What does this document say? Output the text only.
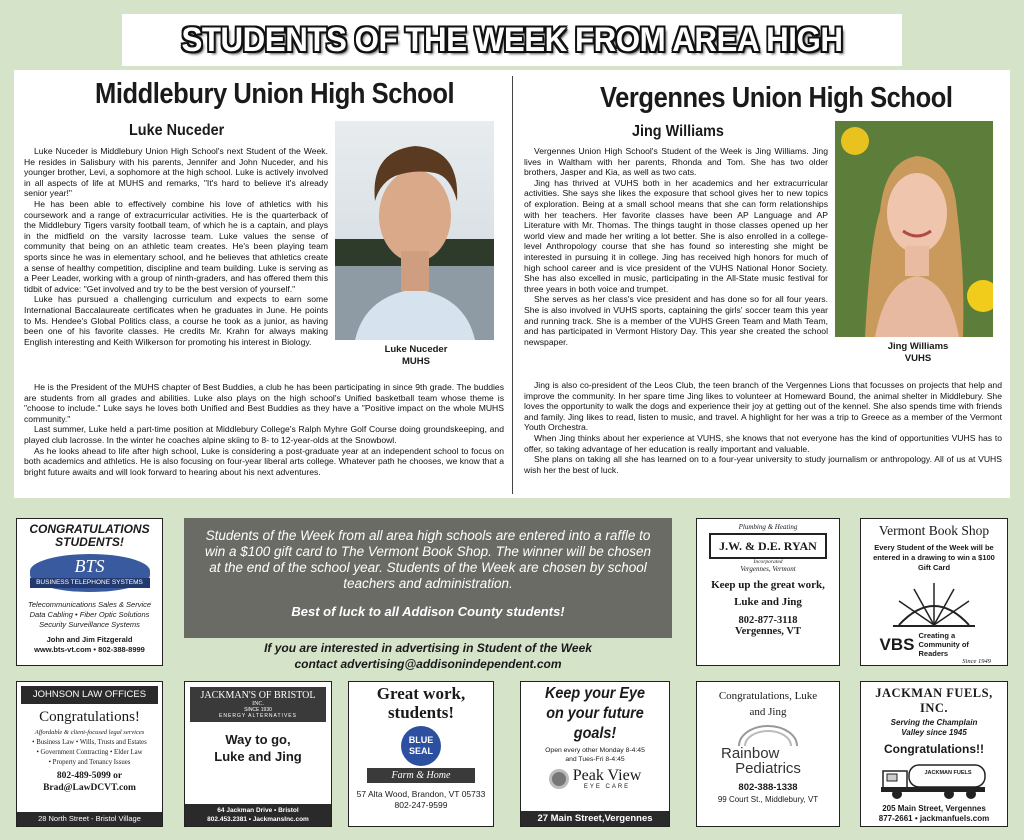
STUDENTS OF THE WEEK FROM AREA HIGH
Middlebury Union High School
Luke Nuceder

Luke Nuceder is Middlebury Union High School's next Student of the Week. He resides in Salisbury with his parents, Jennifer and John Nuceder, and his younger brother, Levi, a sophomore at the high school. Luke is actively involved in all aspects of life at MUHS and remarks, "It's hard to believe it's already senior year!"

He has been able to effectively combine his love of athletics with his coursework and a range of extracurricular activities. He is the quarterback of the Middlebury Tigers varsity football team, of which he is a captain, and plays in the midfield on the varsity lacrosse team. Luke values the sense of community that being on an athletic team creates. He's been playing team sports since he was in elementary school, and he believes that athletics create a sense of healthy competition, discipline and team building. Luke is serving as a Peer Leader, working with a group of ninth-graders, and has offered them this tidbit of advice: "Get involved and try to be the best version of yourself."

Luke has pursued a challenging curriculum and expects to earn some International Baccalaureate certificates when he graduates in June. He points to Ms. Hendee's Global Politics class, a course he took as a junior, as having been one of his favorite classes. He credits Mr. Krahn for always making English interesting and Keith Wilkerson for promoting his interest in Biology.

He is the President of the MUHS chapter of Best Buddies, a club he has been participating in since 9th grade. The buddies are students from all grades and abilities. Luke also plays on the high school's Unified basketball team whose theme is "choose to include." Luke says he loves both Unified and Best Buddies as they have a "Positive impact on the whole MUHS community."

Last summer, Luke held a part-time position at Middlebury College's Ralph Myhre Golf Course doing groundskeeping, and played club lacrosse. In the winter he coaches alpine skiing to 8- to 12-year-olds at the Snowbowl.

As he looks ahead to life after high school, Luke is considering a post-graduate year at an independent school to focus on both academics and athletics. He is also focusing on four-year liberal arts college. Whatever path he chooses, we know that a bright future awaits and will look forward to hearing about his next adventures.

Luke Nuceder
MUHS
Vergennes Union High School
Jing Williams

Vergennes Union High School's Student of the Week is Jing Williams. Jing lives in Waltham with her parents, Rhonda and Tom. She has two older brothers, Jasper and Kia, as well as two cats.

Jing has thrived at VUHS both in her academics and her extracurricular activities. She says she likes the exposure that school gives her to new topics of exploration. Being at a small school means that she can form relationships with her teachers. Her favorite classes have been AP Language and AP Literature with Mr. Thomas. The things taught in those classes opened up her world view and made her writing a lot better. She is also enrolled in a college-level Anthropology course that she has found so interesting she might be interested in pursuing it in college. Jing has received high honors for much of high school career and is vice president of the VUHS National Honor Society. She has also excelled in music, participating in the All-State music festival for three years in both voice and trumpet.

She serves as her class's vice president and has done so for all four years. She is also involved in VUHS sports, captaining the girls' soccer team this year and running track. She is a member of the VUHS Green Team and Math Team, and has participated in Vermont History Day. This year she created the school newspaper.

Jing is also co-president of the Leos Club, the teen branch of the Vergennes Lions that focusses on projects that help and improve the community. In her spare time Jing likes to volunteer at Homeward Bound, the animal shelter in Middlebury. She loves the opportunity to walk the dogs and experience their joy at getting out of the kennel. She also spends time with friends and family. Jing likes to read, listen to music, and travel. A highlight for her was a trip to Greece as a member of the Vermont Youth Orchestra.

When Jing thinks about her experience at VUHS, she knows that not everyone has the kind of opportunities VUHS has to offer, so taking advantage of her education is really important and valuable.

She plans on taking all she has learned on to a four-year university to study journalism or anthropology. All of us at VUHS wish her the best of luck.

Jing Williams
VUHS
Students of the Week from all area high schools are entered into a raffle to win a $100 gift card to The Vermont Book Shop. The winner will be chosen at the end of the school year. Students of the Week are chosen by school teachers and administration.
Best of luck to all Addison County students!
If you are interested in advertising in Student of the Week
contact advertising@addisonindependent.com
CONGRATULATIONS STUDENTS!
BTS
BUSINESS TELEPHONE SYSTEMS
Telecommunications Sales & Service
Data Cabling • Fiber Optic Solutions
Security Surveillance Systems
John and Jim Fitzgerald
www.bts-vt.com • 802-388-8999
Plumbing & Heating
J.W. & D.E. RYAN
Incorporated
Vergennes, Vermont
Keep up the great work, Luke and Jing
802-877-3118
Vergennes, VT
Vermont Book Shop
Every Student of the Week will be entered in a drawing to win a $100 Gift Card
VBS Creating a Community of Readers
Since 1949
JOHNSON LAW OFFICES
Congratulations!
Affordable & client-focused legal services
• Business Law • Wills, Trusts and Estates
• Government Contracting • Elder Law
• Property and Tenancy Issues
802-489-5099 or
Brad@LawDCVT.com
28 North Street - Bristol Village
JACKMAN'S OF BRISTOL
INC.
SINCE 1930
ENERGY ALTERNATIVES
Way to go, Luke and Jing
64 Jackman Drive • Bristol
802.453.2381 • JackmansInc.com
Great work, students!
BLUE SEAL
Farm & Home
57 Alta Wood, Brandon, VT 05733
802-247-9599
Keep your Eye on your future goals!
Open every other Monday 8-4:45
and Tues-Fri 8-4:45
Peak View
EYE CARE
27 Main Street,Vergennes
Congratulations, Luke and Jing
Rainbow
Pediatrics
802-388-1338
99 Court St., Middlebury, VT
JACKMAN FUELS, INC.
Serving the Champlain Valley since 1945
Congratulations!!
JACKMAN FUELS
205 Main Street, Vergennes
877-2661 • jackmanfuels.com
